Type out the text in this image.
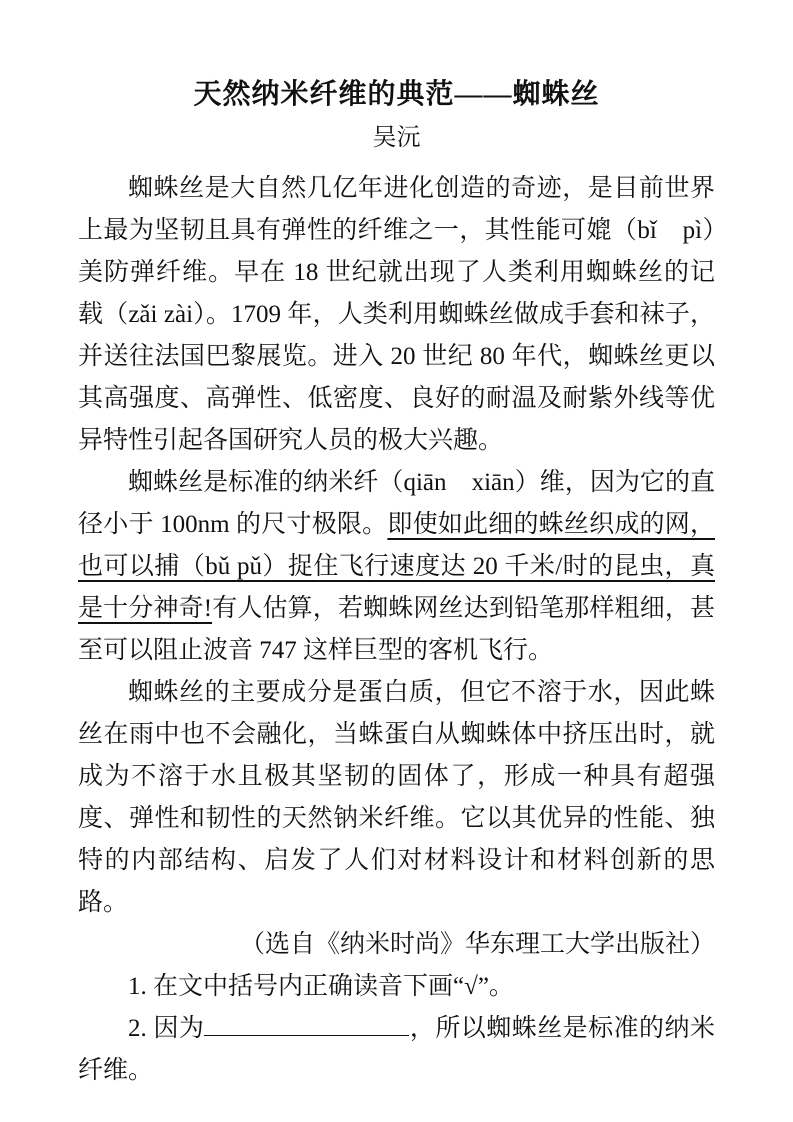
天然纳米纤维的典范——蜘蛛丝
吴沅
蜘蛛丝是大自然几亿年进化创造的奇迹，是目前世界上最为坚韧且具有弹性的纤维之一，其性能可媲（bǐ　pì）美防弹纤维。早在 18 世纪就出现了人类利用蜘蛛丝的记载（zǎi zài）。1709 年，人类利用蜘蛛丝做成手套和袜子，并送往法国巴黎展览。进入 20 世纪 80 年代，蜘蛛丝更以其高强度、高弹性、低密度、良好的耐温及耐紫外线等优异特性引起各国研究人员的极大兴趣。
蜘蛛丝是标准的纳米纤（qiān　xiān）维，因为它的直径小于 100nm 的尺寸极限。即使如此细的蛛丝织成的网，也可以捕（bǔ pǔ）捉住飞行速度达 20 千米/时的昆虫，真是十分神奇!有人估算，若蜘蛛网丝达到铅笔那样粗细，甚至可以阻止波音 747 这样巨型的客机飞行。
蜘蛛丝的主要成分是蛋白质，但它不溶于水，因此蛛丝在雨中也不会融化，当蛛蛋白从蜘蛛体中挤压出时，就成为不溶于水且极其坚韧的固体了，形成一种具有超强度、弹性和韧性的天然钠米纤维。它以其优异的性能、独特的内部结构、启发了人们对材料设计和材料创新的思路。
（选自《纳米时尚》华东理工大学出版社）
1. 在文中括号内正确读音下画“√”。
2. 因为	，所以蜘蛛丝是标准的纳米纤维。
